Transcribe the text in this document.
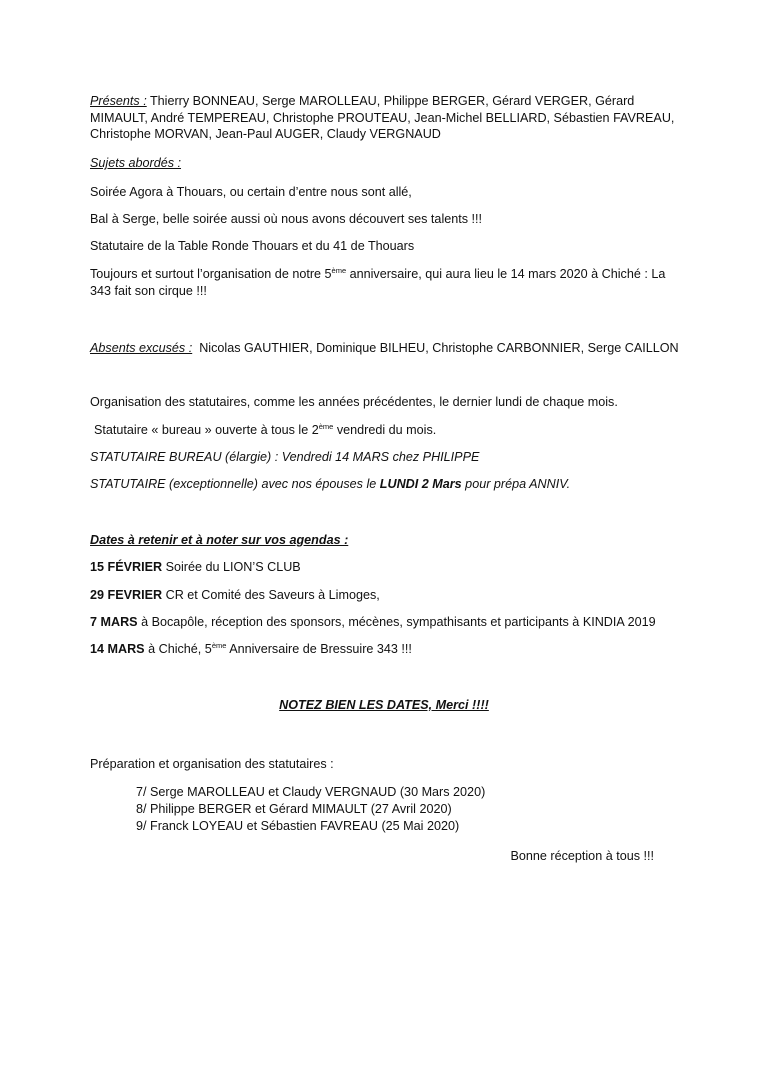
Présents : Thierry BONNEAU, Serge MAROLLEAU, Philippe BERGER, Gérard VERGER, Gérard MIMAULT, André TEMPEREAU, Christophe PROUTEAU, Jean-Michel BELLIARD, Sébastien FAVREAU, Christophe MORVAN, Jean-Paul AUGER, Claudy VERGNAUD

Sujets abordés :

Soirée Agora à Thouars, ou certain d’entre nous sont allé,

Bal à Serge, belle soirée aussi où nous avons découvert ses talents !!!

Statutaire de la Table Ronde Thouars et du 41 de Thouars

Toujours et surtout l’organisation de notre 5ème anniversaire, qui aura lieu le 14 mars 2020 à Chiché : La 343 fait son cirque !!!

Absents excusés : Nicolas GAUTHIER, Dominique BILHEU, Christophe CARBONNIER, Serge CAILLON

Organisation des statutaires, comme les années précédentes, le dernier lundi de chaque mois.

Statutaire « bureau » ouverte à tous le 2ème vendredi du mois.

STATUTAIRE BUREAU (élargie) : Vendredi 14 MARS chez PHILIPPE

STATUTAIRE (exceptionnelle) avec nos épouses le LUNDI 2 Mars pour prépa ANNIV.

Dates à retenir et à noter sur vos agendas :

15 FÉVRIER Soirée du LION’S CLUB

29 FEVRIER CR et Comité des Saveurs à Limoges,

7 MARS à Bocapôle, réception des sponsors, mécènes, sympathisants et participants à KINDIA 2019

14 MARS à Chiché, 5ème Anniversaire de Bressuire 343 !!!

NOTEZ BIEN LES DATES, Merci !!!!

Préparation et organisation des statutaires :

7/ Serge MAROLLEAU et Claudy VERGNAUD (30 Mars 2020)

8/ Philippe BERGER et Gérard MIMAULT (27 Avril 2020)

9/ Franck LOYEAU et Sébastien FAVREAU (25 Mai 2020)

Bonne réception à tous !!!
